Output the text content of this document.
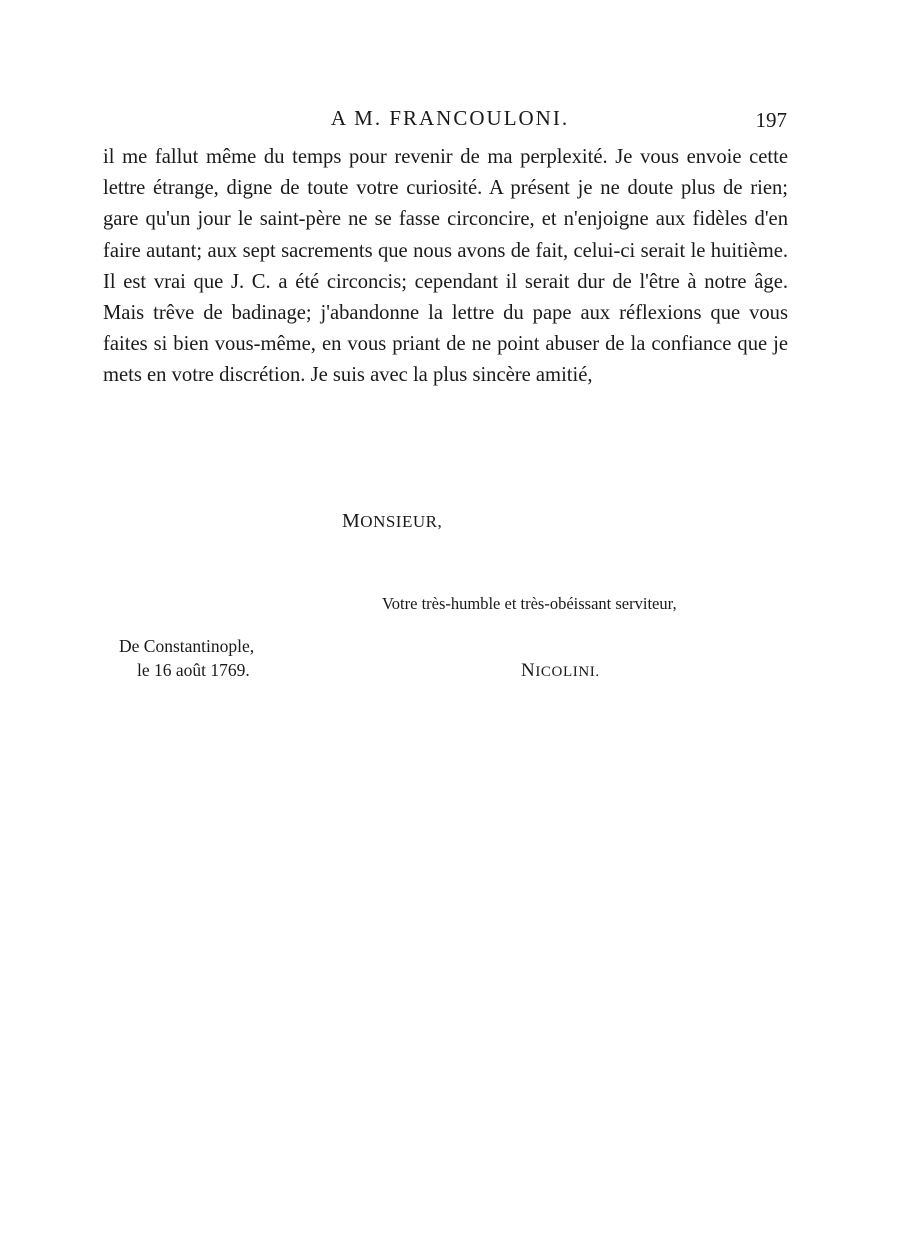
A M. FRANCOULONI.	197

il me fallut même du temps pour revenir de ma perplexité. Je vous envoie cette lettre étrange, digne de toute votre curiosité. A présent je ne doute plus de rien; gare qu'un jour le saint-père ne se fasse circoncire, et n'enjoigne aux fidèles d'en faire autant; aux sept sacrements que nous avons de fait, celui-ci serait le huitième. Il est vrai que J. C. a été circoncis; cependant il serait dur de l'être à notre âge. Mais trêve de badinage; j'abandonne la lettre du pape aux réflexions que vous faites si bien vous-même, en vous priant de ne point abuser de la confiance que je mets en votre discrétion. Je suis avec la plus sincère amitié,

MONSIEUR,
Votre très-humble et très-obéissant serviteur,
De Constantinople,
le 16 août 1769.	NICOLINI.
